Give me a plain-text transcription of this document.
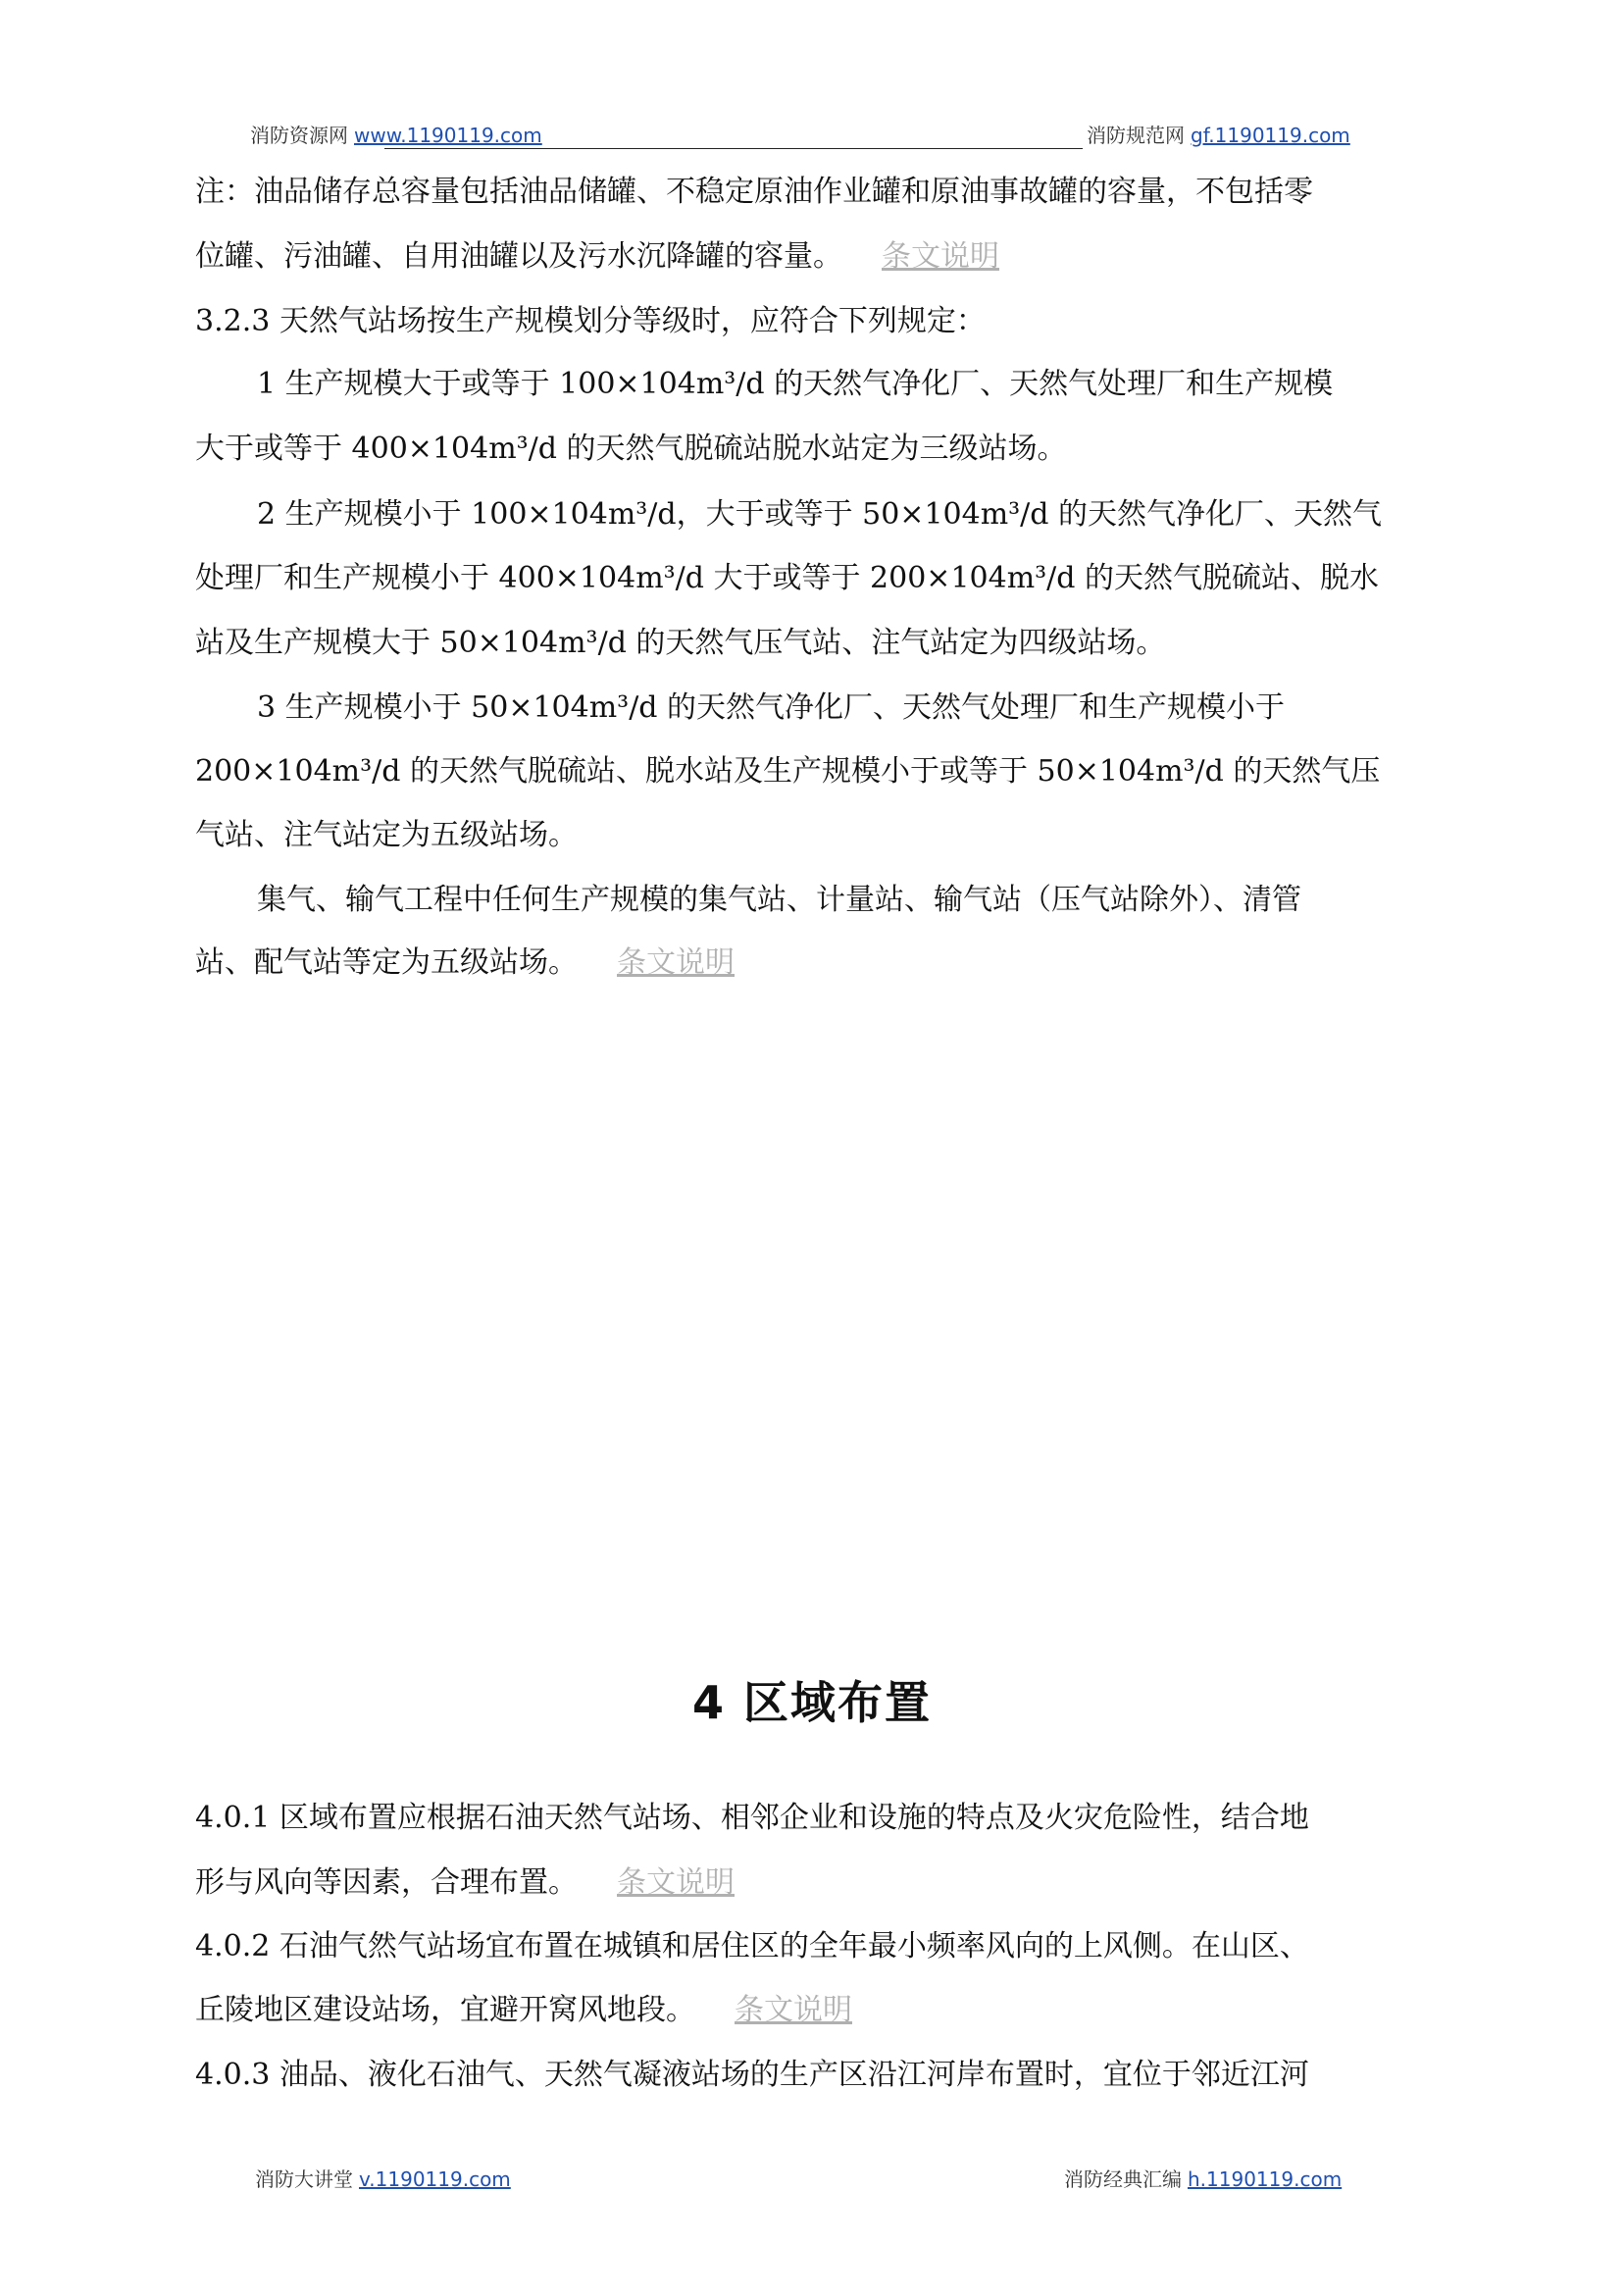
消防资源网 www.1190119.com	消防规范网 gf.1190119.com
注：油品储存总容量包括油品储罐、不稳定原油作业罐和原油事故罐的容量，不包括零
位罐、污油罐、自用油罐以及污水沉降罐的容量。 条文说明
3.2.3 天然气站场按生产规模划分等级时，应符合下列规定：
1 生产规模大于或等于 100×104m³/d 的天然气净化厂、天然气处理厂和生产规模
大于或等于 400×104m³/d 的天然气脱硫站脱水站定为三级站场。
2 生产规模小于 100×104m³/d，大于或等于 50×104m³/d 的天然气净化厂、天然气
处理厂和生产规模小于 400×104m³/d 大于或等于 200×104m³/d 的天然气脱硫站、脱水
站及生产规模大于 50×104m³/d 的天然气压气站、注气站定为四级站场。
3 生产规模小于 50×104m³/d 的天然气净化厂、天然气处理厂和生产规模小于
200×104m³/d 的天然气脱硫站、脱水站及生产规模小于或等于 50×104m³/d 的天然气压
气站、注气站定为五级站场。
集气、输气工程中任何生产规模的集气站、计量站、输气站（压气站除外）、清管
站、配气站等定为五级站场。 条文说明
4 区域布置
4.0.1 区域布置应根据石油天然气站场、相邻企业和设施的特点及火灾危险性，结合地
形与风向等因素，合理布置。 条文说明
4.0.2 石油气然气站场宜布置在城镇和居住区的全年最小频率风向的上风侧。在山区、
丘陵地区建设站场，宜避开窝风地段。 条文说明
4.0.3 油品、液化石油气、天然气凝液站场的生产区沿江河岸布置时，宜位于邻近江河
消防大讲堂 v.1190119.com	消防经典汇编 h.1190119.com
